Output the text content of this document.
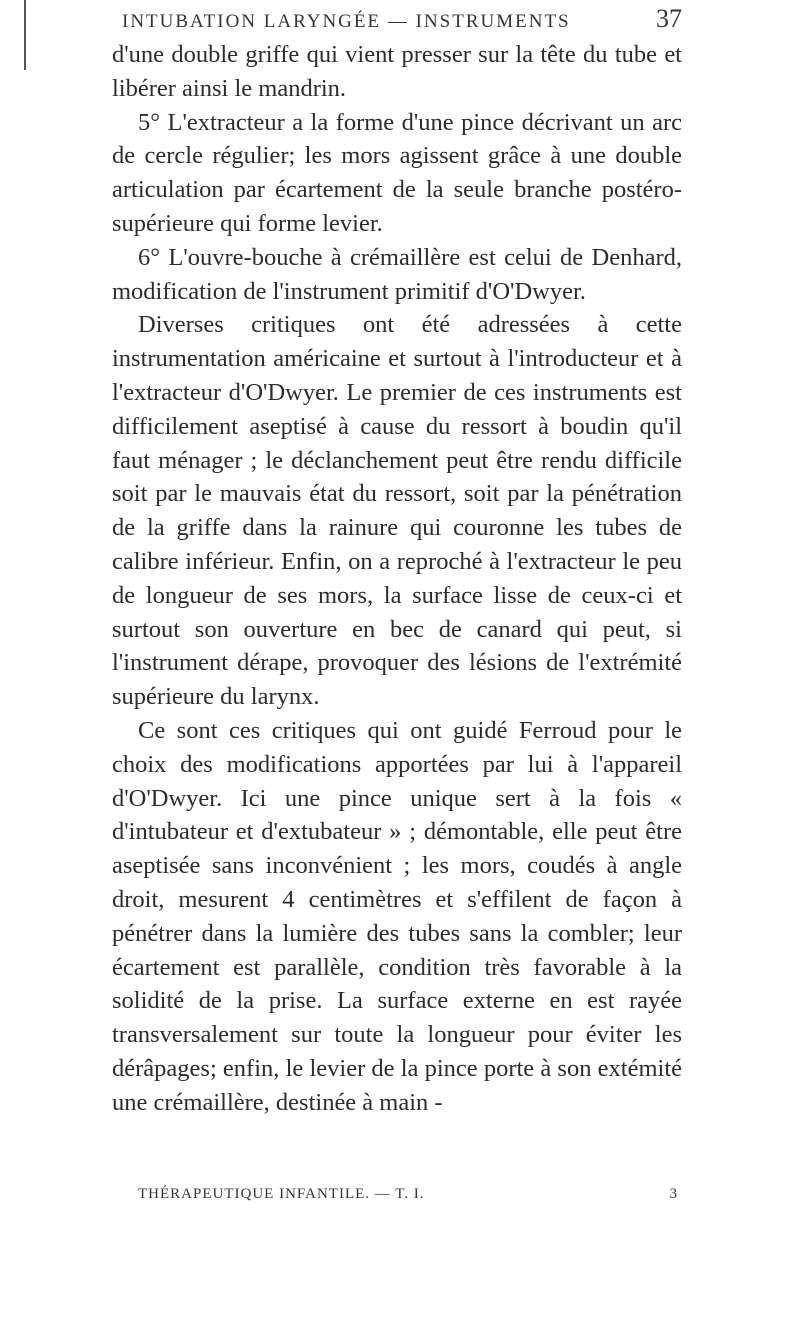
INTUBATION LARYNGÉE — INSTRUMENTS	37

d'une double griffe qui vient presser sur la tête du tube et libérer ainsi le mandrin.

5° L'extracteur a la forme d'une pince décrivant un arc de cercle régulier; les mors agissent grâce à une double articulation par écartement de la seule branche postéro-supérieure qui forme levier.

6° L'ouvre-bouche à crémaillère est celui de Denhard, modification de l'instrument primitif d'O'Dwyer.

Diverses critiques ont été adressées à cette instrumentation américaine et surtout à l'introducteur et à l'extracteur d'O'Dwyer. Le premier de ces instruments est difficilement aseptisé à cause du ressort à boudin qu'il faut ménager ; le déclanchement peut être rendu difficile soit par le mauvais état du ressort, soit par la pénétration de la griffe dans la rainure qui couronne les tubes de calibre inférieur. Enfin, on a reproché à l'extracteur le peu de longueur de ses mors, la surface lisse de ceux-ci et surtout son ouverture en bec de canard qui peut, si l'instrument dérape, provoquer des lésions de l'extrémité supérieure du larynx.

Ce sont ces critiques qui ont guidé Ferroud pour le choix des modifications apportées par lui à l'appareil d'O'Dwyer. Ici une pince unique sert à la fois « d'intubateur et d'extubateur » ; démontable, elle peut être aseptisée sans inconvénient ; les mors, coudés à angle droit, mesurent 4 centimètres et s'effilent de façon à pénétrer dans la lumière des tubes sans la combler; leur écartement est parallèle, condition très favorable à la solidité de la prise. La surface externe en est rayée transversalement sur toute la longueur pour éviter les dérâpages; enfin, le levier de la pince porte à son extémité une crémaillère, destinée à main -

THÉRAPEUTIQUE INFANTILE. — T. I.	3
